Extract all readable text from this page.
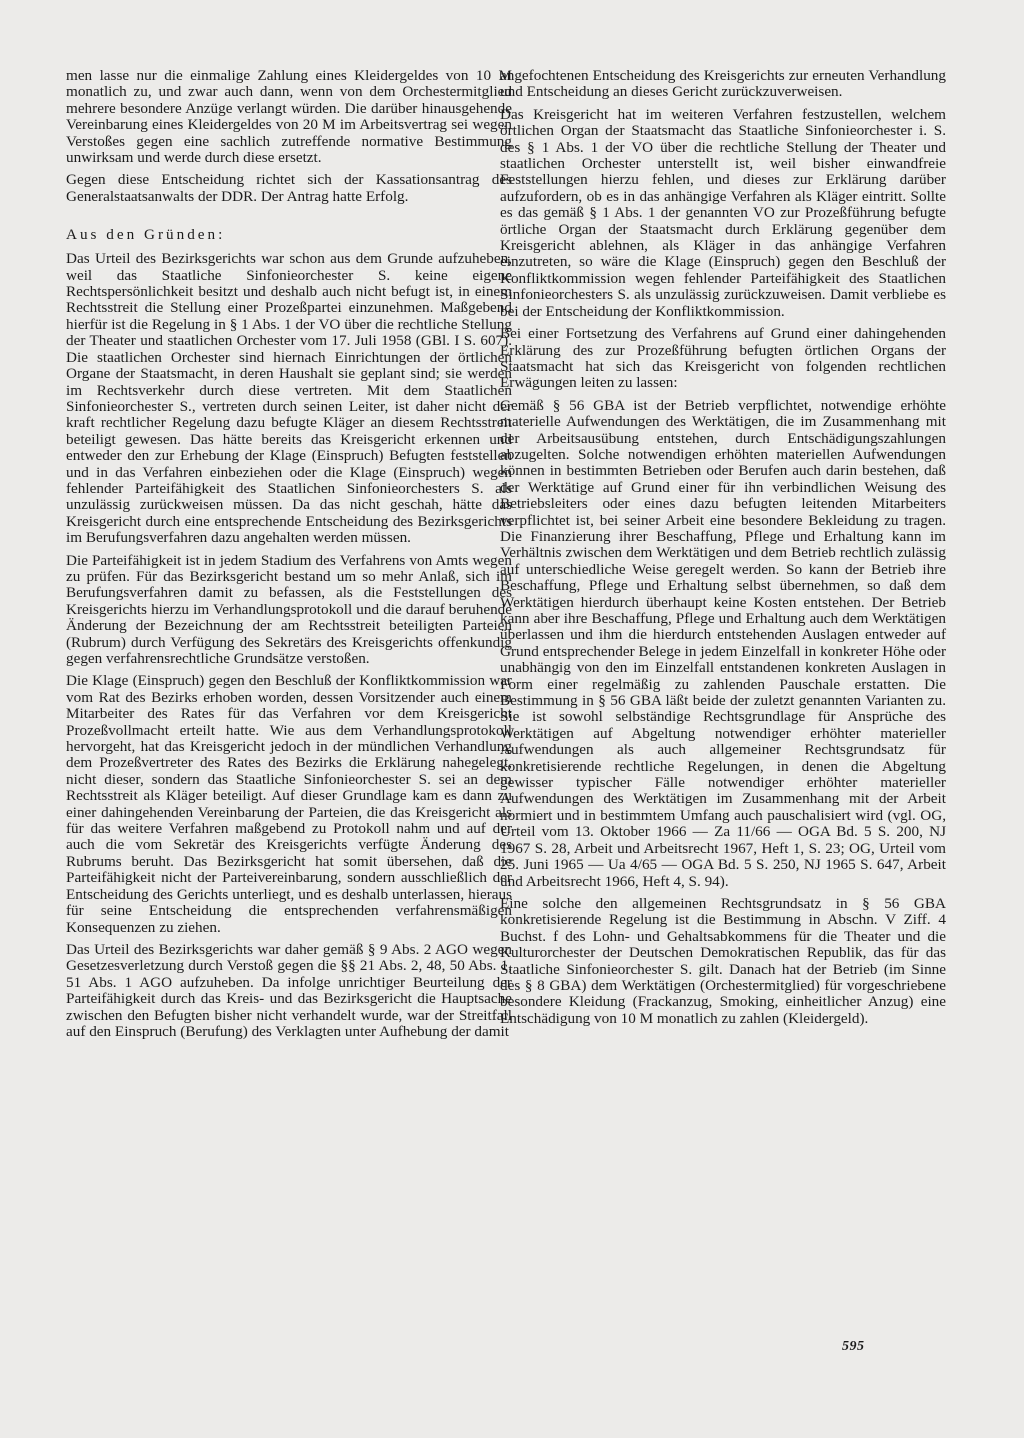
men lasse nur die einmalige Zahlung eines Kleidergeldes von 10 M monatlich zu, und zwar auch dann, wenn von dem Orchestermitglied mehrere besondere Anzüge verlangt würden. Die darüber hinausgehende Vereinbarung eines Kleidergeldes von 20 M im Arbeitsvertrag sei wegen Verstoßes gegen eine sachlich zutreffende normative Bestimmung unwirksam und werde durch diese ersetzt.

Gegen diese Entscheidung richtet sich der Kassationsantrag des Generalstaatsanwalts der DDR. Der Antrag hatte Erfolg.

Aus den Gründen:

Das Urteil des Bezirksgerichts war schon aus dem Grunde aufzuheben, weil das Staatliche Sinfonieorchester S. keine eigene Rechtspersönlichkeit besitzt und deshalb auch nicht befugt ist, in einem Rechtsstreit die Stellung einer Prozeßpartei einzunehmen. Maßgebend hierfür ist die Regelung in § 1 Abs. 1 der VO über die rechtliche Stellung der Theater und staatlichen Orchester vom 17. Juli 1958 (GBl. I S. 607). Die staatlichen Orchester sind hiernach Einrichtungen der örtlichen Organe der Staatsmacht, in deren Haushalt sie geplant sind; sie werden im Rechtsverkehr durch diese vertreten. Mit dem Staatlichen Sinfonieorchester S., vertreten durch seinen Leiter, ist daher nicht der kraft rechtlicher Regelung dazu befugte Kläger an diesem Rechtsstreit beteiligt gewesen. Das hätte bereits das Kreisgericht erkennen und entweder den zur Erhebung der Klage (Einspruch) Befugten feststellen und in das Verfahren einbeziehen oder die Klage (Einspruch) wegen fehlender Parteifähigkeit des Staatlichen Sinfonieorchesters S. als unzulässig zurückweisen müssen. Da das nicht geschah, hätte das Kreisgericht durch eine entsprechende Entscheidung des Bezirksgerichts im Berufungsverfahren dazu angehalten werden müssen.

Die Parteifähigkeit ist in jedem Stadium des Verfahrens von Amts wegen zu prüfen. Für das Bezirksgericht bestand um so mehr Anlaß, sich im Berufungsverfahren damit zu befassen, als die Feststellungen des Kreisgerichts hierzu im Verhandlungsprotokoll und die darauf beruhende Änderung der Bezeichnung der am Rechtsstreit beteiligten Parteien (Rubrum) durch Verfügung des Sekretärs des Kreisgerichts offenkundig gegen verfahrensrechtliche Grundsätze verstoßen.

Die Klage (Einspruch) gegen den Beschluß der Konfliktkommission war vom Rat des Bezirks erhoben worden, dessen Vorsitzender auch einem Mitarbeiter des Rates für das Verfahren vor dem Kreisgericht Prozeßvollmacht erteilt hatte. Wie aus dem Verhandlungsprotokoll hervorgeht, hat das Kreisgericht jedoch in der mündlichen Verhandlung dem Prozeßvertreter des Rates des Bezirks die Erklärung nahegelegt, nicht dieser, sondern das Staatliche Sinfonieorchester S. sei an dem Rechtsstreit als Kläger beteiligt. Auf dieser Grundlage kam es dann zu einer dahingehenden Vereinbarung der Parteien, die das Kreisgericht als für das weitere Verfahren maßgebend zu Protokoll nahm und auf der auch die vom Sekretär des Kreisgerichts verfügte Änderung des Rubrums beruht. Das Bezirksgericht hat somit übersehen, daß die Parteifähigkeit nicht der Parteivereinbarung, sondern ausschließlich der Entscheidung des Gerichts unterliegt, und es deshalb unterlassen, hieraus für seine Entscheidung die entsprechenden verfahrensmäßigen Konsequenzen zu ziehen.

Das Urteil des Bezirksgerichts war daher gemäß § 9 Abs. 2 AGO wegen Gesetzesverletzung durch Verstoß gegen die §§ 21 Abs. 2, 48, 50 Abs. 1, 51 Abs. 1 AGO aufzuheben. Da infolge unrichtiger Beurteilung der Parteifähigkeit durch das Kreis- und das Bezirksgericht die Hauptsache zwischen den Befugten bisher nicht verhandelt wurde, war der Streitfall auf den Einspruch (Berufung) des Verklagten unter Aufhebung der damit

angefochtenen Entscheidung des Kreisgerichts zur erneuten Verhandlung und Entscheidung an dieses Gericht zurückzuverweisen.

Das Kreisgericht hat im weiteren Verfahren festzustellen, welchem örtlichen Organ der Staatsmacht das Staatliche Sinfonieorchester i. S. des § 1 Abs. 1 der VO über die rechtliche Stellung der Theater und staatlichen Orchester unterstellt ist, weil bisher einwandfreie Feststellungen hierzu fehlen, und dieses zur Erklärung darüber aufzufordern, ob es in das anhängige Verfahren als Kläger eintritt. Sollte es das gemäß § 1 Abs. 1 der genannten VO zur Prozeßführung befugte örtliche Organ der Staatsmacht durch Erklärung gegenüber dem Kreisgericht ablehnen, als Kläger in das anhängige Verfahren einzutreten, so wäre die Klage (Einspruch) gegen den Beschluß der Konfliktkommission wegen fehlender Parteifähigkeit des Staatlichen Sinfonieorchesters S. als unzulässig zurückzuweisen. Damit verbliebe es bei der Entscheidung der Konfliktkommission.

Bei einer Fortsetzung des Verfahrens auf Grund einer dahingehenden Erklärung des zur Prozeßführung befugten örtlichen Organs der Staatsmacht hat sich das Kreisgericht von folgenden rechtlichen Erwägungen leiten zu lassen:

Gemäß § 56 GBA ist der Betrieb verpflichtet, notwendige erhöhte materielle Aufwendungen des Werktätigen, die im Zusammenhang mit der Arbeitsausübung entstehen, durch Entschädigungszahlungen abzugelten. Solche notwendigen erhöhten materiellen Aufwendungen können in bestimmten Betrieben oder Berufen auch darin bestehen, daß der Werktätige auf Grund einer für ihn verbindlichen Weisung des Betriebsleiters oder eines dazu befugten leitenden Mitarbeiters verpflichtet ist, bei seiner Arbeit eine besondere Bekleidung zu tragen. Die Finanzierung ihrer Beschaffung, Pflege und Erhaltung kann im Verhältnis zwischen dem Werktätigen und dem Betrieb rechtlich zulässig auf unterschiedliche Weise geregelt werden. So kann der Betrieb ihre Beschaffung, Pflege und Erhaltung selbst übernehmen, so daß dem Werktätigen hierdurch überhaupt keine Kosten entstehen. Der Betrieb kann aber ihre Beschaffung, Pflege und Erhaltung auch dem Werktätigen überlassen und ihm die hierdurch entstehenden Auslagen entweder auf Grund entsprechender Belege in jedem Einzelfall in konkreter Höhe oder unabhängig von den im Einzelfall entstandenen konkreten Auslagen in Form einer regelmäßig zu zahlenden Pauschale erstatten. Die Bestimmung in § 56 GBA läßt beide der zuletzt genannten Varianten zu. Sie ist sowohl selbständige Rechtsgrundlage für Ansprüche des Werktätigen auf Abgeltung notwendiger erhöhter materieller Aufwendungen als auch allgemeiner Rechtsgrundsatz für konkretisierende rechtliche Regelungen, in denen die Abgeltung gewisser typischer Fälle notwendiger erhöhter materieller Aufwendungen des Werktätigen im Zusammenhang mit der Arbeit normiert und in bestimmtem Umfang auch pauschalisiert wird (vgl. OG, Urteil vom 13. Oktober 1966 — Za 11/66 — OGA Bd. 5 S. 200, NJ 1967 S. 28, Arbeit und Arbeitsrecht 1967, Heft 1, S. 23; OG, Urteil vom 25. Juni 1965 — Ua 4/65 — OGA Bd. 5 S. 250, NJ 1965 S. 647, Arbeit und Arbeitsrecht 1966, Heft 4, S. 94).

Eine solche den allgemeinen Rechtsgrundsatz in § 56 GBA konkretisierende Regelung ist die Bestimmung in Abschn. V Ziff. 4 Buchst. f des Lohn- und Gehaltsabkommens für die Theater und die Kulturorchester der Deutschen Demokratischen Republik, das für das Staatliche Sinfonieorchester S. gilt. Danach hat der Betrieb (im Sinne des § 8 GBA) dem Werktätigen (Orchestermitglied) für vorgeschriebene besondere Kleidung (Frackanzug, Smoking, einheitlicher Anzug) eine Entschädigung von 10 M monatlich zu zahlen (Kleidergeld).

595
